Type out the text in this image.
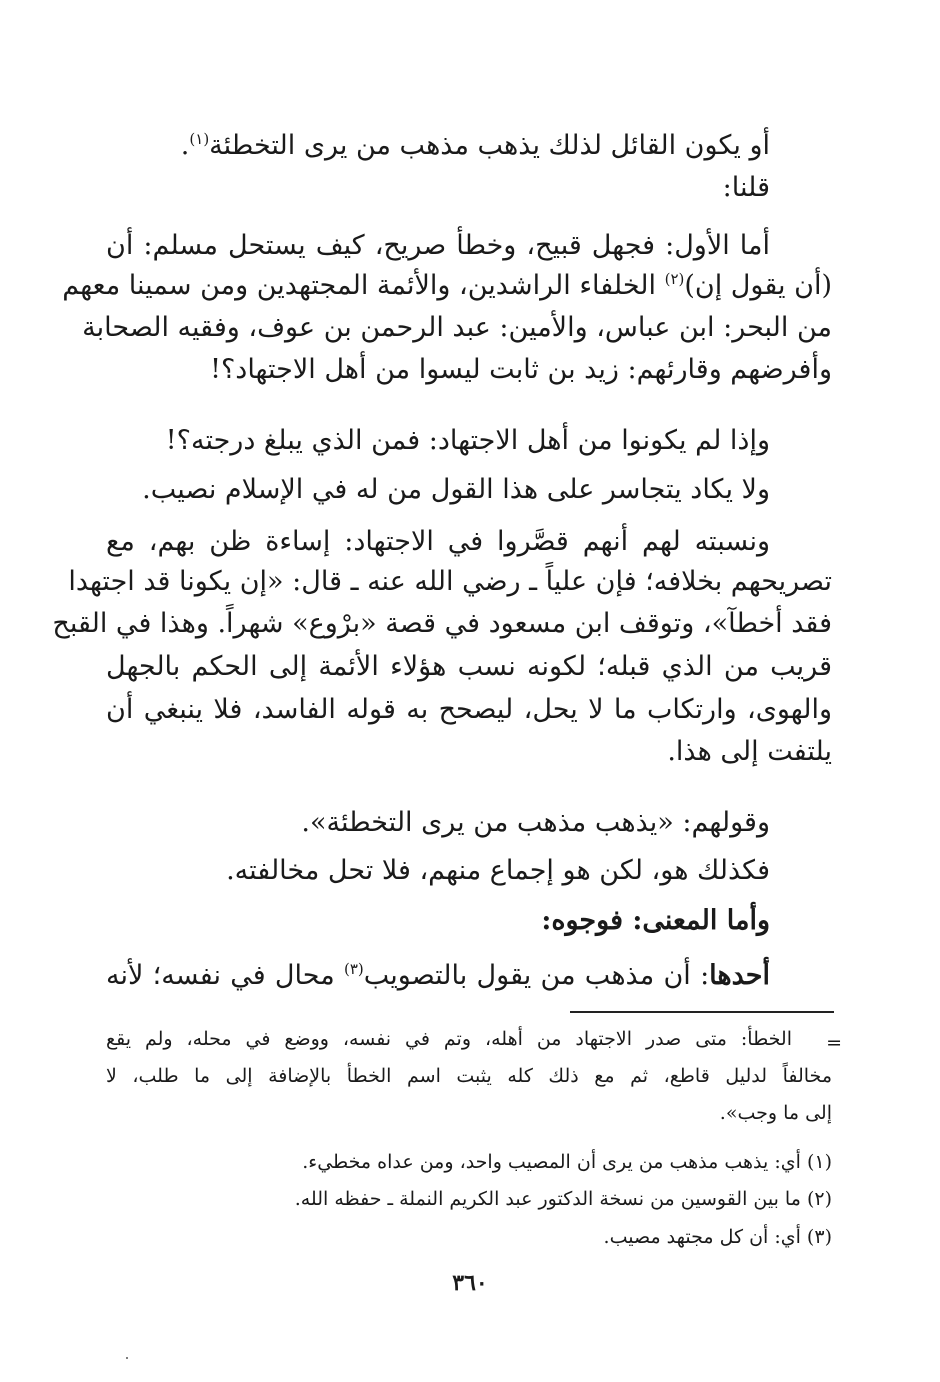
أو يكون القائل لذلك يذهب مذهب من يرى التخطئة$^{(١)}$.
قلنا:
أما الأول: فجهل قبيح، وخطأ صريح، كيف يستحل مسلم: أن
(أن يقول إن)$^{(٢)}$ الخلفاء الراشدين، والأئمة المجتهدين ومن سمينا معهم
من البحر: ابن عباس، والأمين: عبد الرحمن بن عوف، وفقيه الصحابة
وأفرضهم وقارئهم: زيد بن ثابت ليسوا من أهل الاجتهاد؟!
وإذا لم يكونوا من أهل الاجتهاد: فمن الذي يبلغ درجته؟!
ولا يكاد يتجاسر على هذا القول من له في الإسلام نصيب.
ونسبته لهم أنهم قصَّروا في الاجتهاد: إساءة ظن بهم، مع
تصريحهم بخلافه؛ فإن علياً ـ رضي الله عنه ـ قال: «إن يكونا قد اجتهدا
فقد أخطآ»، وتوقف ابن مسعود في قصة «برْوع» شهراً. وهذا في القبح
قريب من الذي قبله؛ لكونه نسب هؤلاء الأئمة إلى الحكم بالجهل
والهوى، وارتكاب ما لا يحل، ليصحح به قوله الفاسد، فلا ينبغي أن
يلتفت إلى هذا.
وقولهم: «يذهب مذهب من يرى التخطئة».
فكذلك هو، لكن هو إجماع منهم، فلا تحل مخالفته.
وأما المعنى: فوجوه:
أحدها: أن مذهب من يقول بالتصويب$^{(٣)}$ محال في نفسه؛ لأنه
=
الخطأ: متى صدر الاجتهاد من أهله، وتم في نفسه، ووضع في محله، ولم يقع
مخالفاً لدليل قاطع، ثم مع ذلك كله يثبت اسم الخطأ بالإضافة إلى ما طلب، لا
إلى ما وجب».
(١) أي: يذهب مذهب من يرى أن المصيب واحد، ومن عداه مخطيء.
(٢) ما بين القوسين من نسخة الدكتور عبد الكريم النملة ـ حفظه الله.
(٣) أي: أن كل مجتهد مصيب.
٣٦٠
